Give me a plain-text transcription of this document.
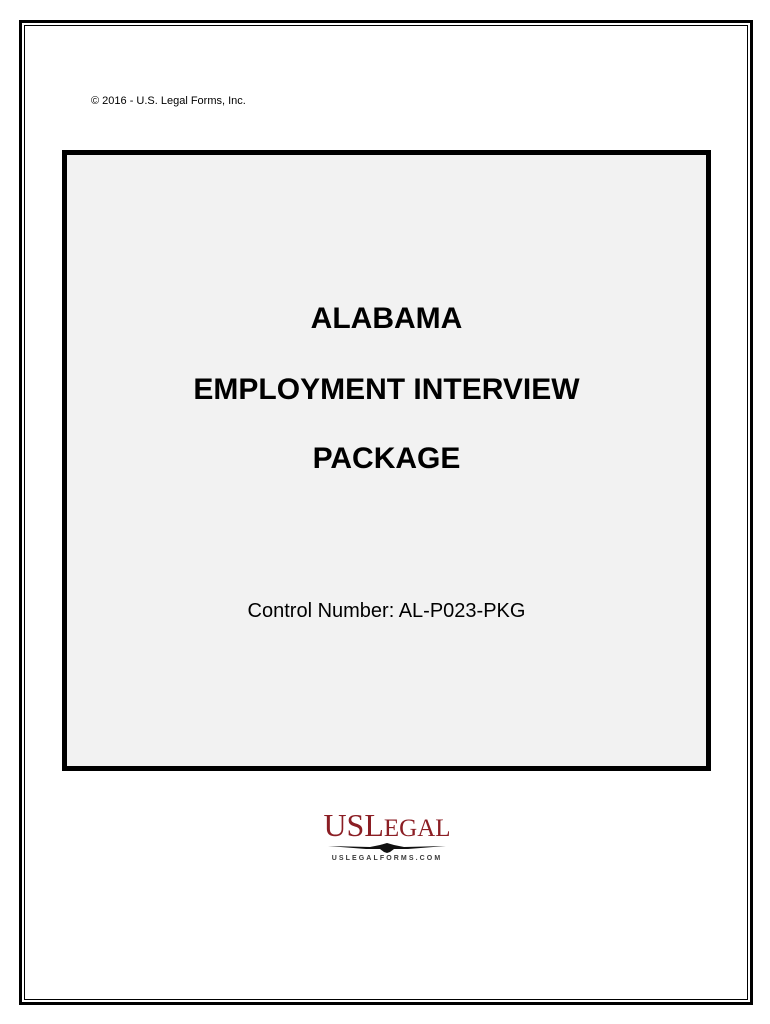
© 2016 - U.S. Legal Forms, Inc.
ALABAMA
EMPLOYMENT INTERVIEW
PACKAGE
Control Number: AL-P023-PKG
USLEGAL
USLEGALFORMS.COM
